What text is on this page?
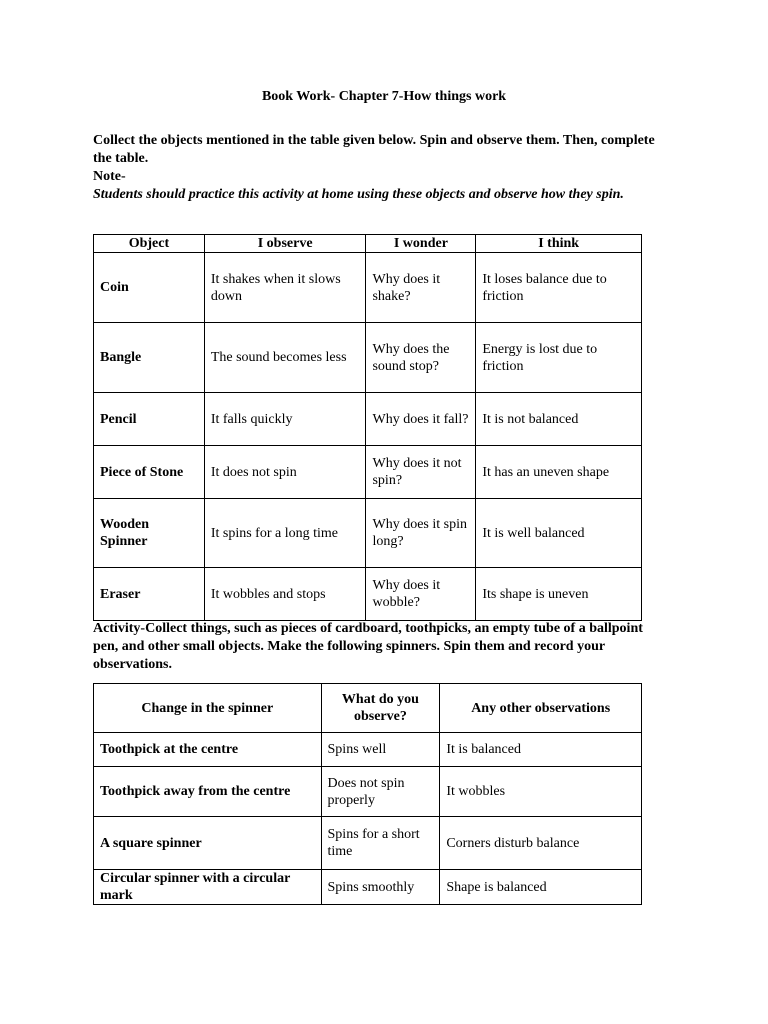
Book Work- Chapter 7-How things work

Collect the objects mentioned in the table given below. Spin and observe them. Then, complete the table.

Note-

Students should practice this activity at home using these objects and observe how they spin.

Object	I observe	I wonder	I think
Coin	It shakes when it slows down	Why does it shake?	It loses balance due to friction
Bangle	The sound becomes less	Why does the sound stop?	Energy is lost due to friction
Pencil	It falls quickly	Why does it fall?	It is not balanced
Piece of Stone	It does not spin	Why does it not spin?	It has an uneven shape
Wooden Spinner	It spins for a long time	Why does it spin long?	It is well balanced
Eraser	It wobbles and stops	Why does it wobble?	Its shape is uneven

Activity-Collect things, such as pieces of cardboard, toothpicks, an empty tube of a ballpoint pen, and other small objects. Make the following spinners. Spin them and record your observations.

Change in the spinner	What do you observe?	Any other observations
Toothpick at the centre	Spins well	It is balanced
Toothpick away from the centre	Does not spin properly	It wobbles
A square spinner	Spins for a short time	Corners disturb balance
Circular spinner with a circular mark	Spins smoothly	Shape is balanced
